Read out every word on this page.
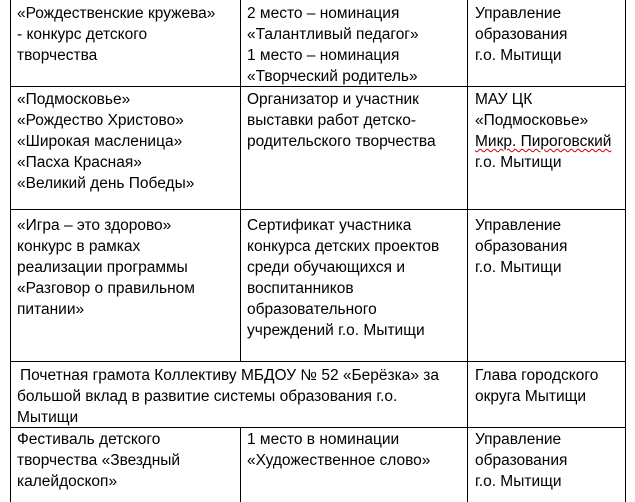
«Рождественские кружева»
- конкурс детского
творчества
2 место – номинация
«Талантливый педагог»
1 место – номинация
«Творческий родитель»
Управление
образования
г.о. Мытищи
«Подмосковье»
«Рождество Христово»
«Широкая масленица»
«Пасха Красная»
«Великий день Победы»
Организатор и участник
выставки работ детско-
родительского творчества
МАУ ЦК
«Подмосковье»
Микр. Пироговский
г.о. Мытищи
«Игра – это здорово»
конкурс в рамках
реализации программы
«Разговор о правильном
питании»
Сертификат участника
конкурса детских проектов
среди обучающихся и
воспитанников
образовательного
учреждений г.о. Мытищи
Управление
образования
г.о. Мытищи
Почетная грамота Коллективу МБДОУ № 52 «Берёзка» за
большой вклад в развитие системы образования г.о.
Мытищи
Глава городского
округа Мытищи
Фестиваль детского
творчества «Звездный
калейдоскоп»
1 место в номинации
«Художественное слово»
Управление
образования
г.о. Мытищи
